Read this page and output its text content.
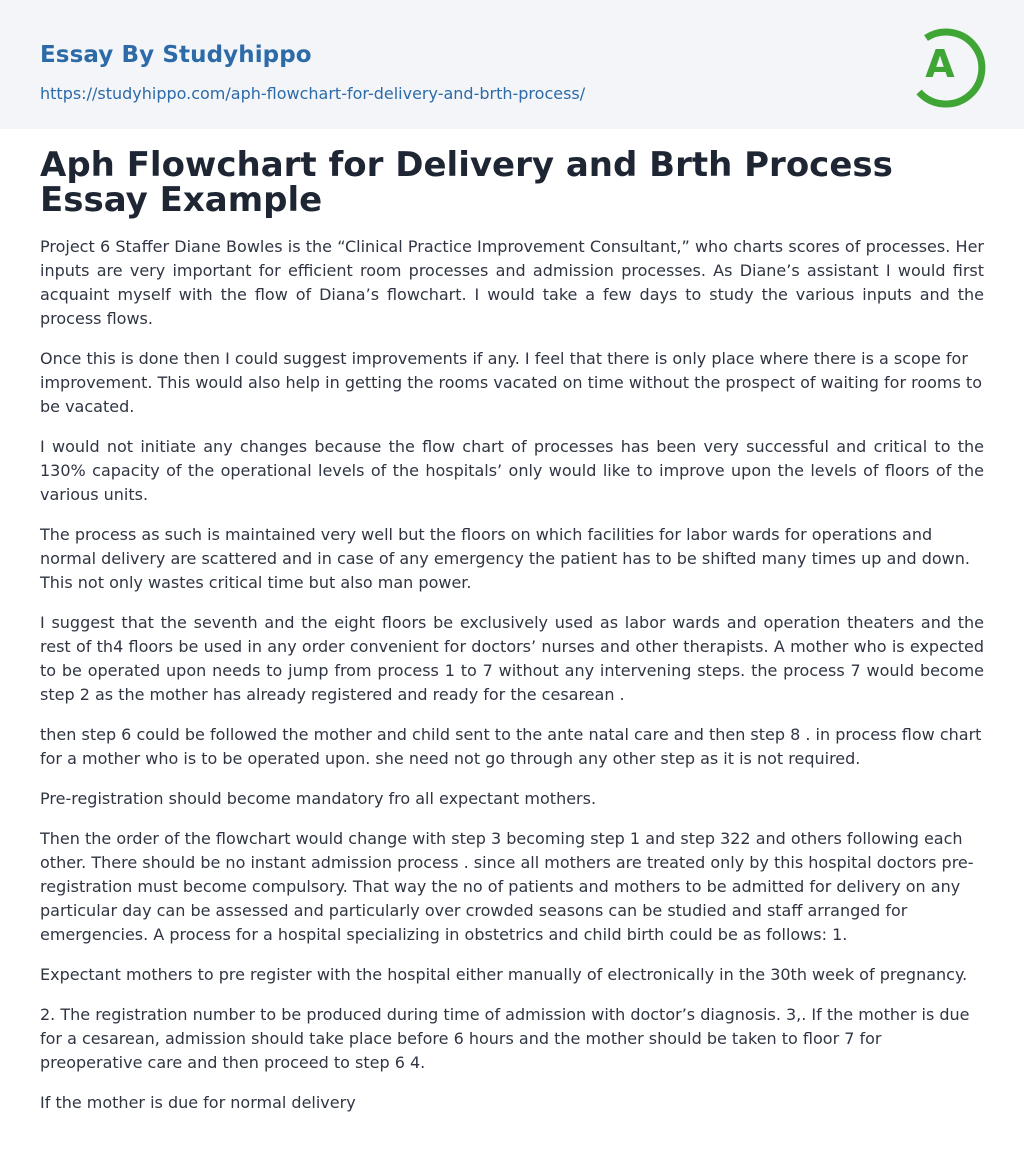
Essay By Studyhippo
https://studyhippo.com/aph-flowchart-for-delivery-and-brth-process/
A
Aph Flowchart for Delivery and Brth Process Essay Example

Project 6 Staffer Diane Bowles is the “Clinical Practice Improvement Consultant,” who charts scores of processes. Her inputs are very important for efficient room processes and admission processes. As Diane’s assistant I would first acquaint myself with the flow of Diana’s flowchart. I would take a few days to study the various inputs and the process flows.

Once this is done then I could suggest improvements if any. I feel that there is only place where there is a scope for improvement. This would also help in getting the rooms vacated on time without the prospect of waiting for rooms to be vacated.

I would not initiate any changes because the flow chart of processes has been very successful and critical to the 130% capacity of the operational levels of the hospitals’ only would like to improve upon the levels of floors of the various units.

The process as such is maintained very well but the floors on which facilities for labor wards for operations and normal delivery are scattered and in case of any emergency the patient has to be shifted many times up and down. This not only wastes critical time but also man power.

I suggest that the seventh and the eight floors be exclusively used as labor wards and operation theaters and the rest of th4 floors be used in any order convenient for doctors’ nurses and other therapists. A mother who is expected to be operated upon needs to jump from process 1 to 7 without any intervening steps. the process 7 would become step 2 as the mother has already registered and ready for the cesarean .

then step 6 could be followed the mother and child sent to the ante natal care and then step 8 . in process flow chart for a mother who is to be operated upon. she need not go through any other step as it is not required.

Pre-registration should become mandatory fro all expectant mothers.

Then the order of the flowchart would change with step 3 becoming step 1 and step 322 and others following each other. There should be no instant admission process . since all mothers are treated only by this hospital doctors pre-registration must become compulsory. That way the no of patients and mothers to be admitted for delivery on any particular day can be assessed and particularly over crowded seasons can be studied and staff arranged for emergencies. A process for a hospital specializing in obstetrics and child birth could be as follows: 1.

Expectant mothers to pre register with the hospital either manually of electronically in the 30th week of pregnancy.

2. The registration number to be produced during time of admission with doctor’s diagnosis. 3,. If the mother is due for a cesarean, admission should take place before 6 hours and the mother should be taken to floor 7 for preoperative care and then proceed to step 6 4.

If the mother is due for normal delivery
